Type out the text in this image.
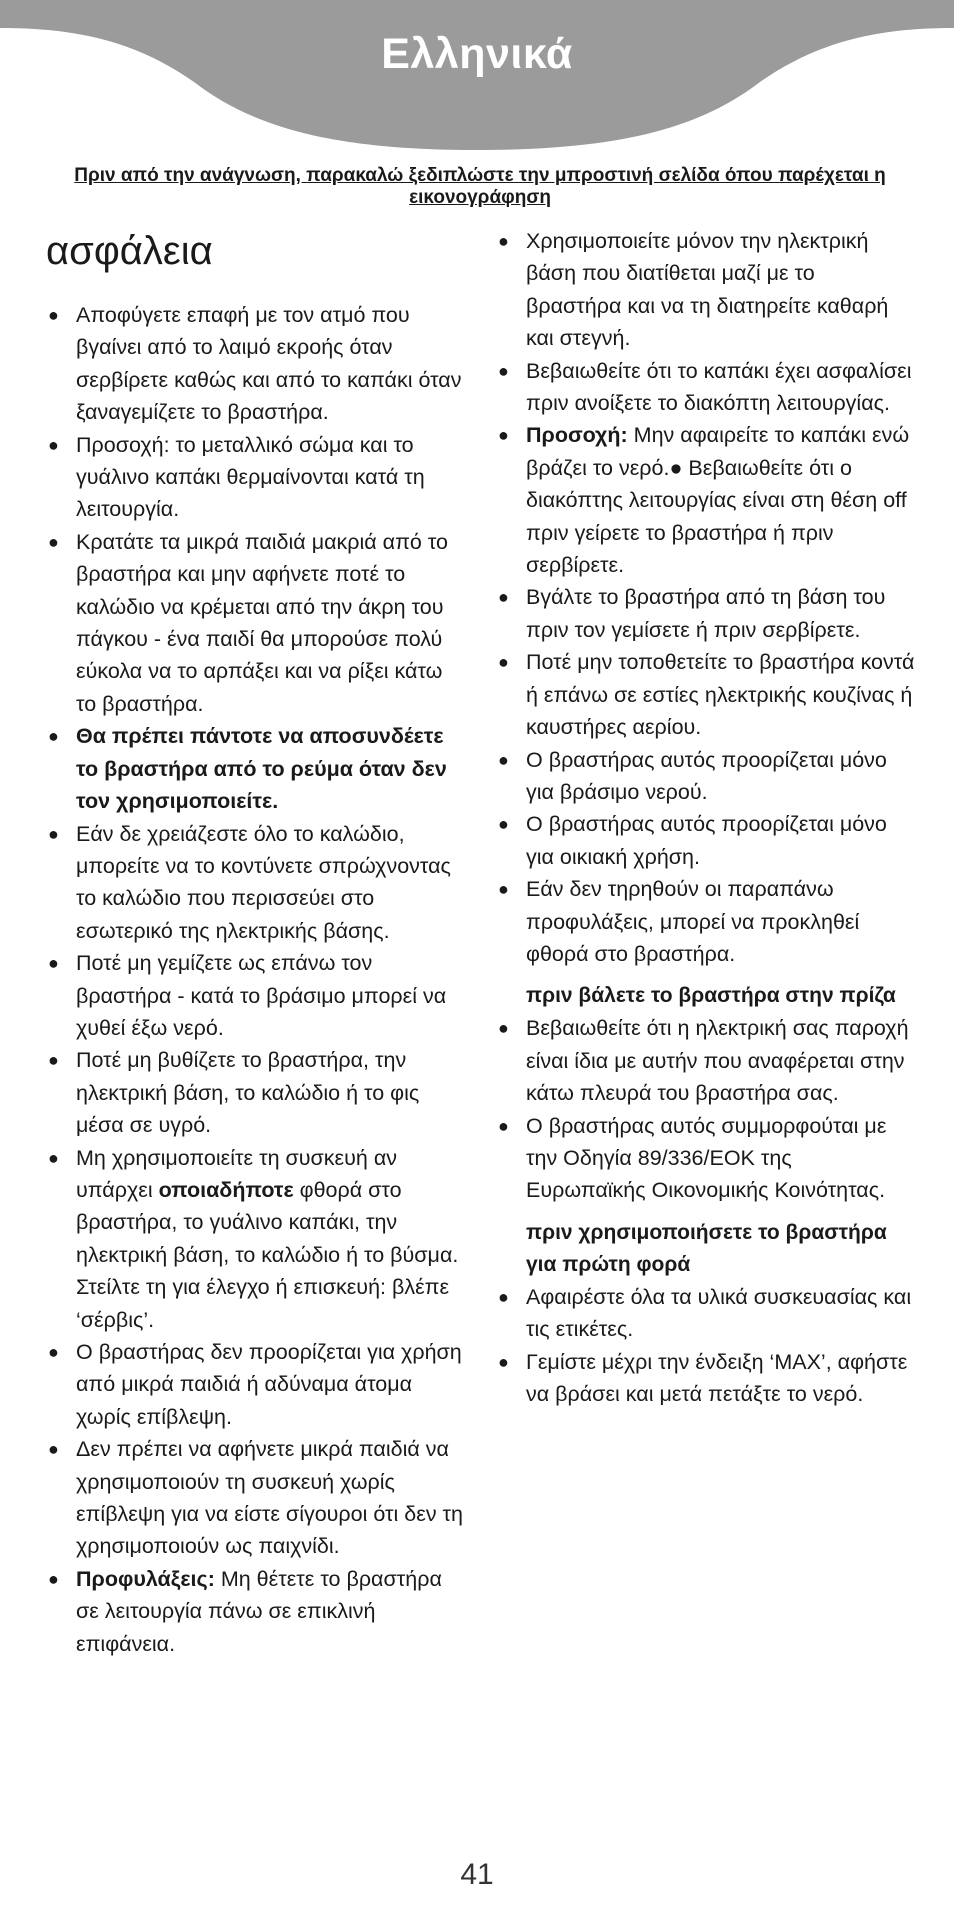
Ελληνικά
Πριν από την ανάγνωση, παρακαλώ ξεδιπλώστε την μπροστινή σελίδα όπου παρέχεται η εικονογράφηση
ασφάλεια
● Αποφύγετε επαφή με τον ατμό που βγαίνει από το λαιμό εκροής όταν σερβίρετε καθώς και από το καπάκι όταν ξαναγεμίζετε το βραστήρα.
● Προσοχή: το μεταλλικό σώμα και το γυάλινο καπάκι θερμαίνονται κατά τη λειτουργία.
● Κρατάτε τα μικρά παιδιά μακριά από το βραστήρα και μην αφήνετε ποτέ το καλώδιο να κρέμεται από την άκρη του πάγκου - ένα παιδί θα μπορούσε πολύ εύκολα να το αρπάξει και να ρίξει κάτω το βραστήρα.
● Θα πρέπει πάντοτε να αποσυνδέετε το βραστήρα από το ρεύμα όταν δεν τον χρησιμοποιείτε.
● Εάν δε χρειάζεστε όλο το καλώδιο, μπορείτε να το κοντύνετε σπρώχνοντας το καλώδιο που περισσεύει στο εσωτερικό της ηλεκτρικής βάσης.
● Ποτέ μη γεμίζετε ως επάνω τον βραστήρα - κατά το βράσιμο μπορεί να χυθεί έξω νερό.
● Ποτέ μη βυθίζετε το βραστήρα, την ηλεκτρική βάση, το καλώδιο ή το φις μέσα σε υγρό.
● Μη χρησιμοποιείτε τη συσκευή αν υπάρχει οποιαδήποτε φθορά στο βραστήρα, το γυάλινο καπάκι, την ηλεκτρική βάση, το καλώδιο ή το βύσμα. Στείλτε τη για έλεγχο ή επισκευή: βλέπε ‘σέρβις’.
● Ο βραστήρας δεν προορίζεται για χρήση από μικρά παιδιά ή αδύναμα άτομα χωρίς επίβλεψη.
● Δεν πρέπει να αφήνετε μικρά παιδιά να χρησιμοποιούν τη συσκευή χωρίς επίβλεψη για να είστε σίγουροι ότι δεν τη χρησιμοποιούν ως παιχνίδι.
● Προφυλάξεις: Μη θέτετε το βραστήρα σε λειτουργία πάνω σε επικλινή επιφάνεια.
● Χρησιμοποιείτε μόνον την ηλεκτρική βάση που διατίθεται μαζί με το βραστήρα και να τη διατηρείτε καθαρή και στεγνή.
● Βεβαιωθείτε ότι το καπάκι έχει ασφαλίσει πριν ανοίξετε το διακόπτη λειτουργίας.
● Προσοχή: Μην αφαιρείτε το καπάκι ενώ βράζει το νερό.● Βεβαιωθείτε ότι ο διακόπτης λειτουργίας είναι στη θέση off πριν γείρετε το βραστήρα ή πριν σερβίρετε.
● Βγάλτε το βραστήρα από τη βάση του πριν τον γεμίσετε ή πριν σερβίρετε.
● Ποτέ μην τοποθετείτε το βραστήρα κοντά ή επάνω σε εστίες ηλεκτρικής κουζίνας ή καυστήρες αερίου.
● Ο βραστήρας αυτός προορίζεται μόνο για βράσιμο νερού.
● Ο βραστήρας αυτός προορίζεται μόνο για οικιακή χρήση.
● Εάν δεν τηρηθούν οι παραπάνω προφυλάξεις, μπορεί να προκληθεί φθορά στο βραστήρα.
πριν βάλετε το βραστήρα στην πρίζα
● Βεβαιωθείτε ότι η ηλεκτρική σας παροχή είναι ίδια με αυτήν που αναφέρεται στην κάτω πλευρά του βραστήρα σας.
● Ο βραστήρας αυτός συμμορφούται με την Οδηγία 89/336/ΕΟΚ της Ευρωπαϊκής Οικονομικής Κοινότητας.
πριν χρησιμοποιήσετε το βραστήρα για πρώτη φορά
● Αφαιρέστε όλα τα υλικά συσκευασίας και τις ετικέτες.
● Γεμίστε μέχρι την ένδειξη ‘MAX’, αφήστε να βράσει και μετά πετάξτε το νερό.
41
